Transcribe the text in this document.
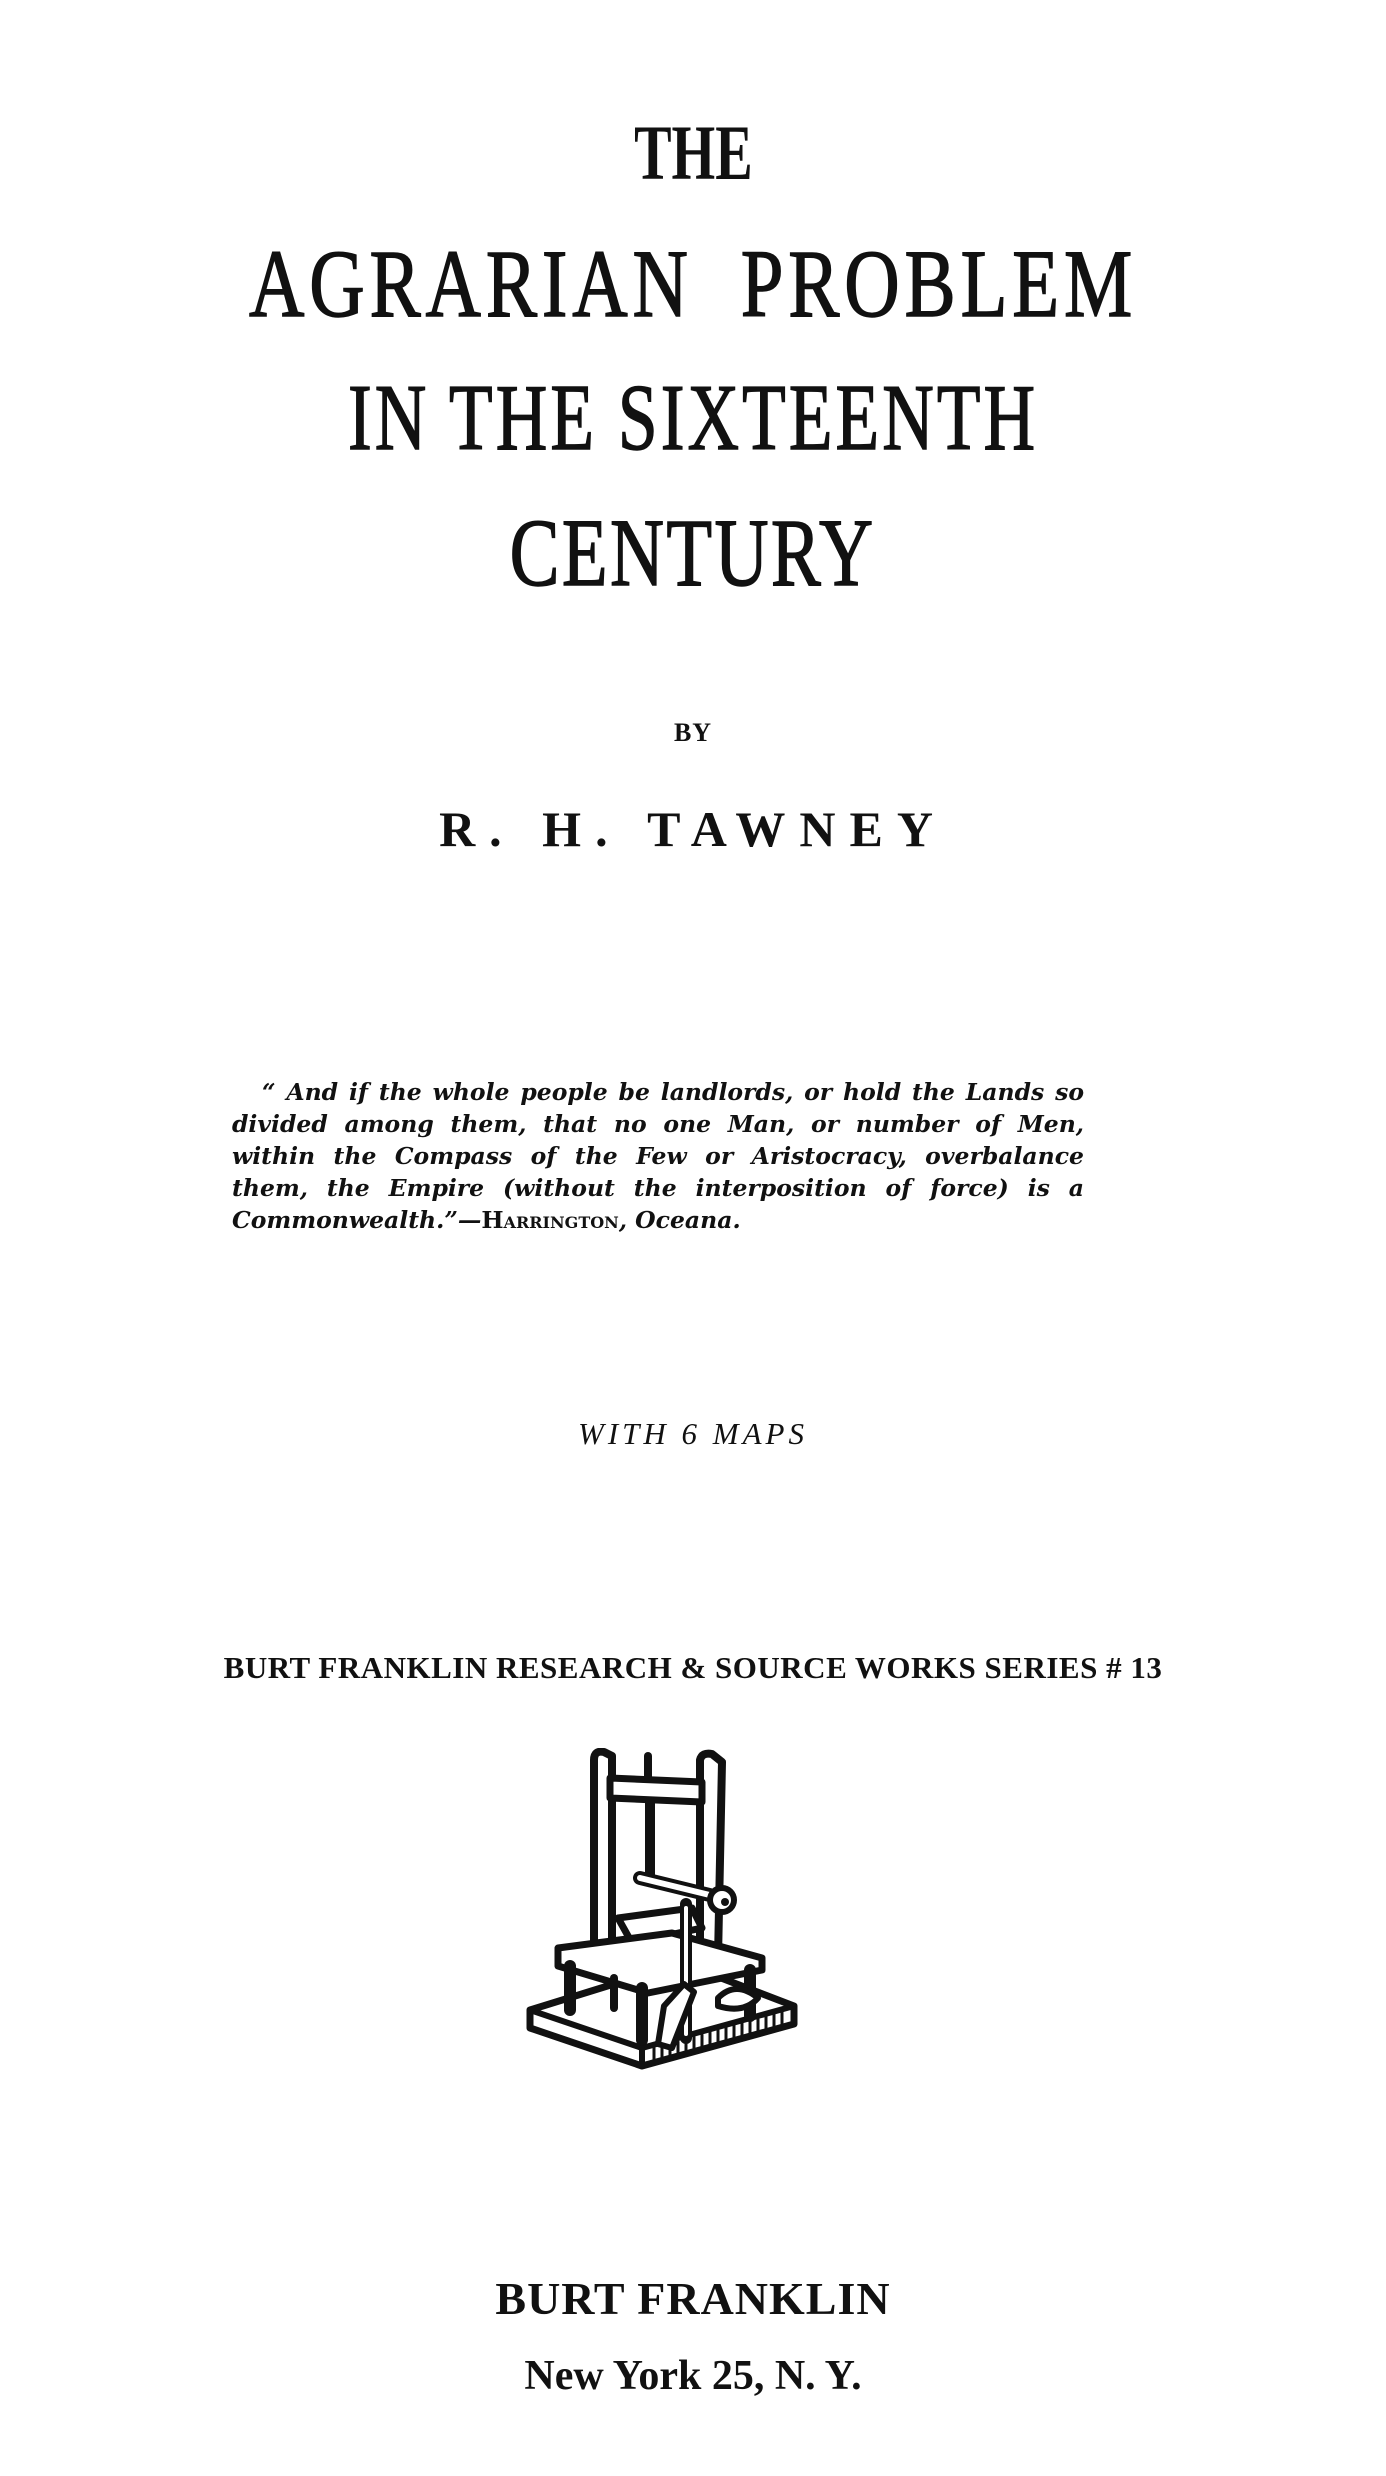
THE
AGRARIAN  PROBLEM
IN THE SIXTEENTH
CENTURY
BY
R. H. TAWNEY
“ And if the whole people be landlords, or hold the Lands so
divided among them, that no one Man, or number of Men,
within the Compass of the Few or Aristocracy, overbalance
them, the Empire (without the interposition of force) is a
Commonwealth.”—Harrington, Oceana.
WITH 6 MAPS
BURT FRANKLIN RESEARCH & SOURCE WORKS SERIES # 13
BURT FRANKLIN
New York 25, N. Y.
